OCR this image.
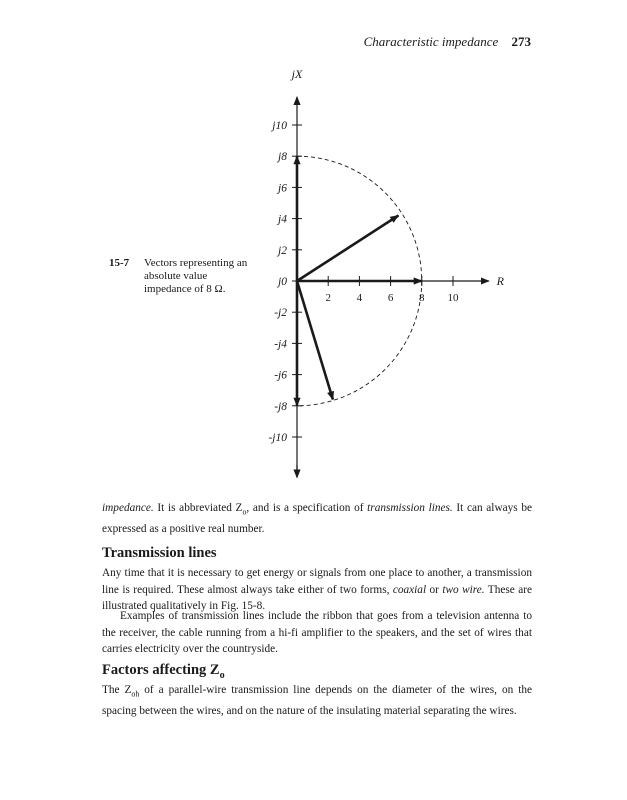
Characteristic impedance 273
15-7 Vectors representing an absolute value impedance of 8 Ω.
jX
R
j10
j8
j6
j4
j2
j0
-j2
-j4
-j6
-j8
-j10
2 4 6 8 10
impedance. It is abbreviated $Z_o$, and is a specification of transmission lines. It can always be expressed as a positive real number.
Transmission lines
Any time that it is necessary to get energy or signals from one place to another, a transmission line is required. These almost always take either of two forms, coaxial or two wire. These are illustrated qualitatively in Fig. 15-8.
Examples of transmission lines include the ribbon that goes from a television antenna to the receiver, the cable running from a hi-fi amplifier to the speakers, and the set of wires that carries electricity over the countryside.
Factors affecting $Z_o$
The $Z_{oh}$ of a parallel-wire transmission line depends on the diameter of the wires, on the spacing between the wires, and on the nature of the insulating material separating the wires.
